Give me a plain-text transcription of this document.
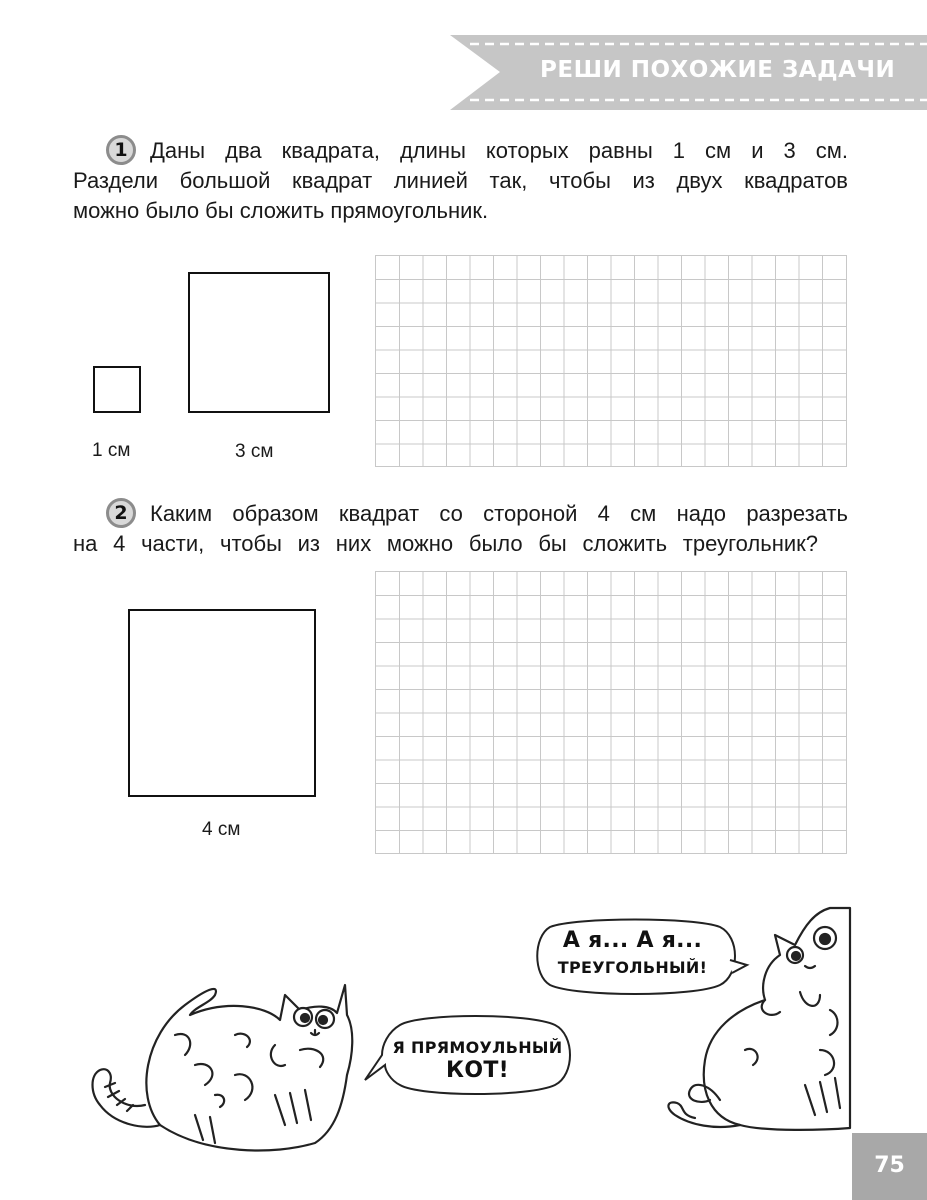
РЕШИ ПОХОЖИЕ ЗАДАЧИ
1	Даны два квадрата, длины которых равны 1 см и 3 см.
Раздели большой квадрат линией так, чтобы из двух квадратов
можно было бы сложить прямоугольник.
1 см	3 см
2	Каким образом квадрат со стороной 4 см надо разрезать
на 4 части, чтобы из них можно было бы сложить треугольник?
4 см
Я ПРЯМОУЛЬНЫЙ
КОТ!
А я... А я...
ТРЕУГОЛЬНЫЙ!
75
